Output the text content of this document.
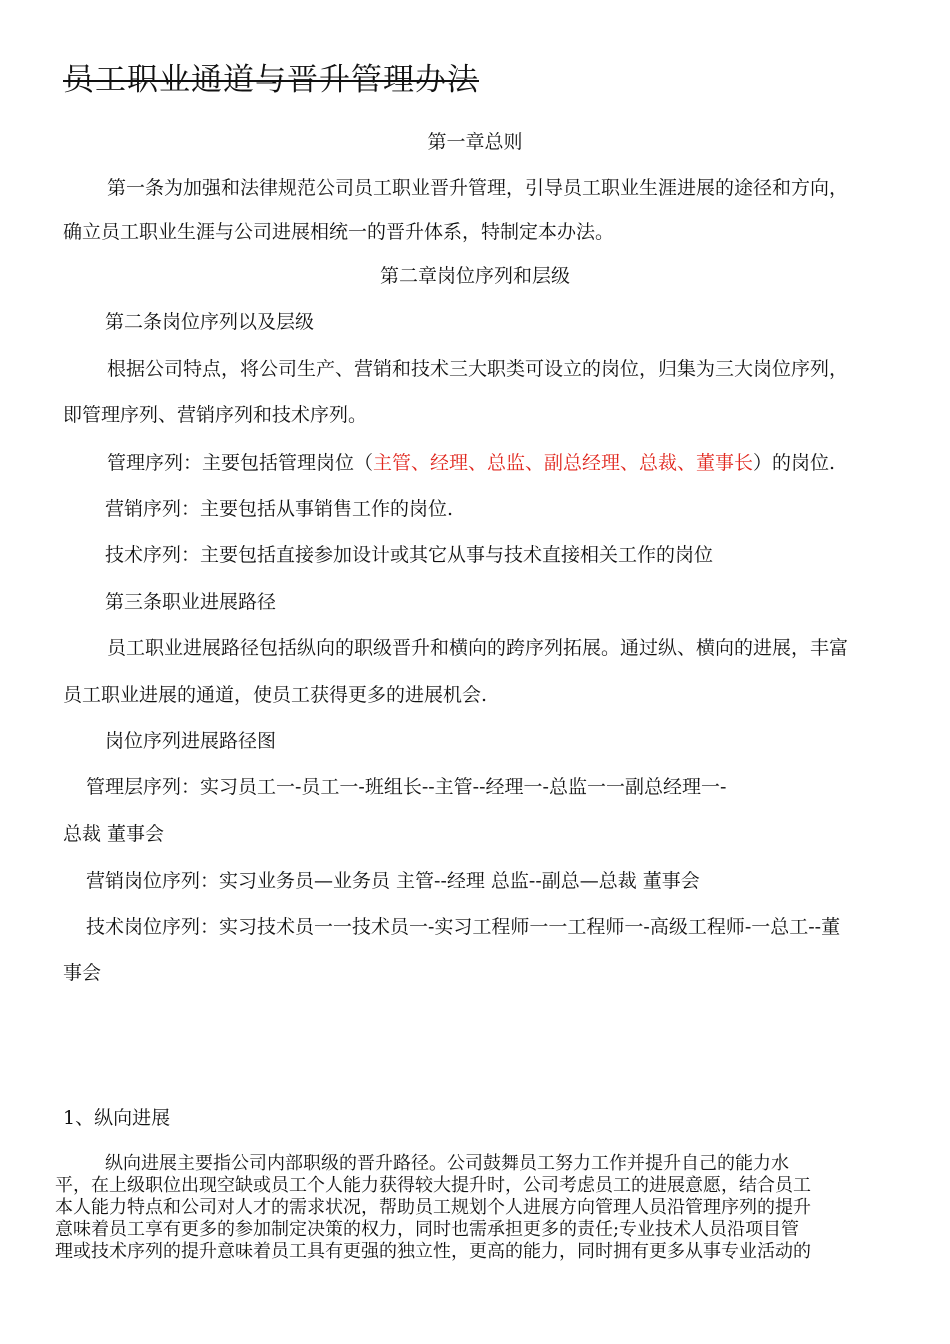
员工职业通道与晋升管理办法
第一章总则
第一条为加强和法律规范公司员工职业晋升管理，引导员工职业生涯进展的途径和方向，
确立员工职业生涯与公司进展相统一的晋升体系，特制定本办法。
第二章岗位序列和层级
第二条岗位序列以及层级
根据公司特点，将公司生产、营销和技术三大职类可设立的岗位，归集为三大岗位序列，
即管理序列、营销序列和技术序列。
管理序列：主要包括管理岗位（主管、经理、总监、副总经理、总裁、董事长）的岗位.
营销序列：主要包括从事销售工作的岗位.
技术序列：主要包括直接参加设计或其它从事与技术直接相关工作的岗位
第三条职业进展路径
员工职业进展路径包括纵向的职级晋升和横向的跨序列拓展。通过纵、横向的进展，丰富
员工职业进展的通道，使员工获得更多的进展机会.
岗位序列进展路径图
管理层序列：实习员工一-员工一-班组长--主管--经理一-总监一一副总经理一-
总裁 董事会
营销岗位序列：实习业务员—业务员 主管--经理 总监--副总—总裁 董事会
技术岗位序列：实习技术员一一技术员一-实习工程师一一工程师一-高级工程师-一总工--董
事会
1、纵向进展
纵向进展主要指公司内部职级的晋升路径。公司鼓舞员工努力工作并提升自己的能力水
平，在上级职位出现空缺或员工个人能力获得较大提升时，公司考虑员工的进展意愿，结合员工
本人能力特点和公司对人才的需求状况，帮助员工规划个人进展方向管理人员沿管理序列的提升
意味着员工享有更多的参加制定决策的权力，同时也需承担更多的责任;专业技术人员沿项目管
理或技术序列的提升意味着员工具有更强的独立性，更高的能力，同时拥有更多从事专业活动的
